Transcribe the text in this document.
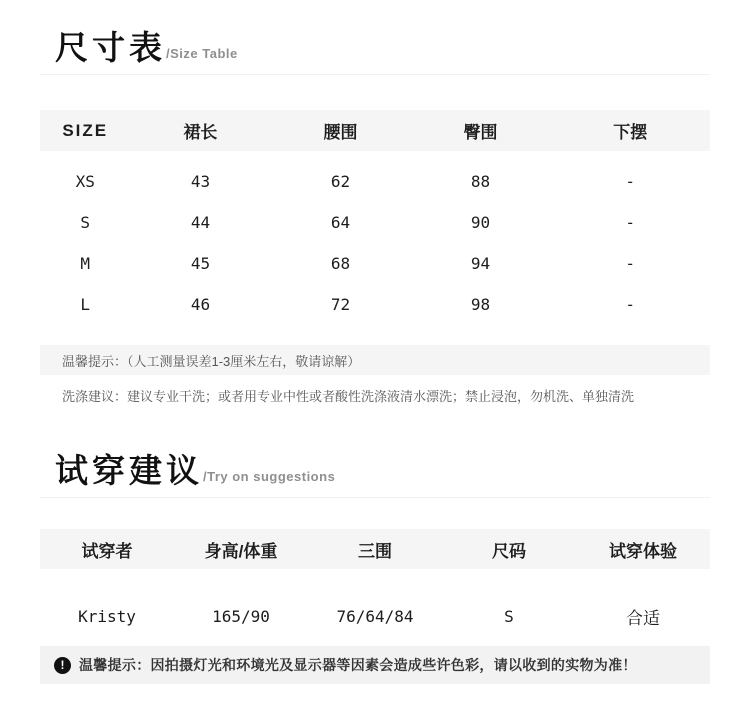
尺寸表 /Size Table
SIZE	裙长	腰围	臀围	下摆
XS	43	62	88	-
S	44	64	90	-
M	45	68	94	-
L	46	72	98	-
温馨提示：（人工测量误差1-3厘米左右，敬请谅解）
洗涤建议：建议专业干洗；或者用专业中性或者酸性洗涤液清水漂洗；禁止浸泡，勿机洗、单独清洗
试穿建议 /Try on suggestions
试穿者	身高/体重	三围	尺码	试穿体验
Kristy	165/90	76/64/84	S	合适
!	温馨提示：因拍摄灯光和环境光及显示器等因素会造成些许色彩，请以收到的实物为准！
